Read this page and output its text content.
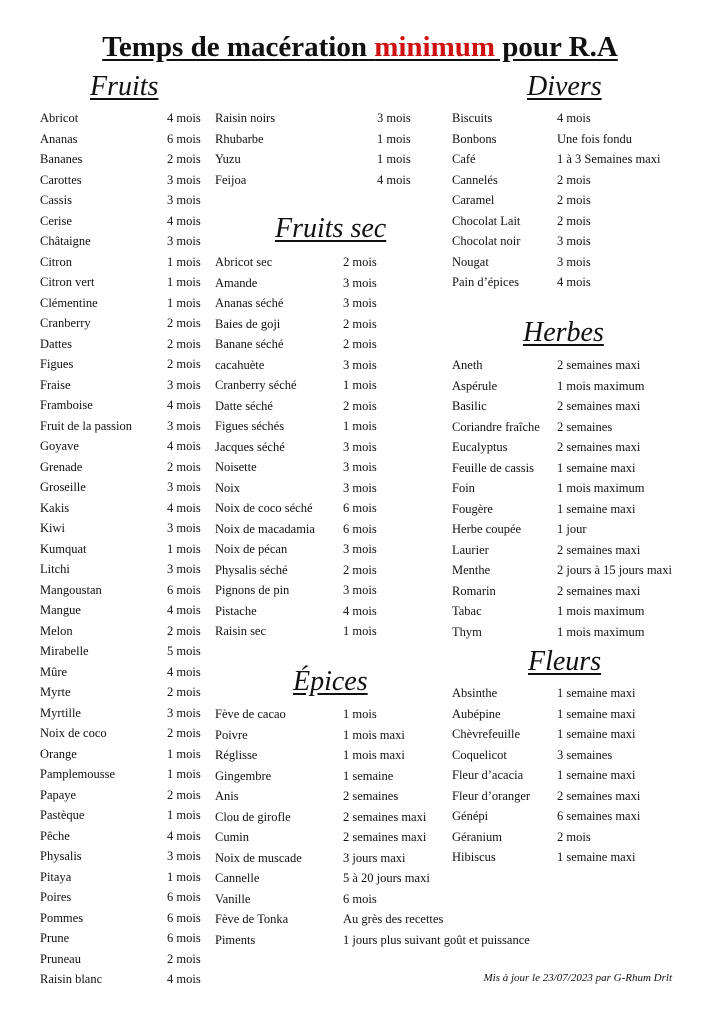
Temps de macération minimum pour R.A
Fruits
Fruits sec
Épices
Divers
Herbes
Fleurs
Abricot	4 mois
Ananas	6 mois
Bananes	2 mois
Carottes	3 mois
Cassis	3 mois
Cerise	4 mois
Châtaigne	3 mois
Citron	1 mois
Citron vert	1 mois
Clémentine	1 mois
Cranberry	2 mois
Dattes	2 mois
Figues	2 mois
Fraise	3 mois
Framboise	4 mois
Fruit de la passion	3 mois
Goyave	4 mois
Grenade	2 mois
Groseille	3 mois
Kakis	4 mois
Kiwi	3 mois
Kumquat	1 mois
Litchi	3 mois
Mangoustan	6 mois
Mangue	4 mois
Melon	2 mois
Mirabelle	5 mois
Mûre	4 mois
Myrte	2 mois
Myrtille	3 mois
Noix de coco	2 mois
Orange	1 mois
Pamplemousse	1 mois
Papaye	2 mois
Pastèque	1 mois
Pêche	4 mois
Physalis	3 mois
Pitaya	1 mois
Poires	6 mois
Pommes	6 mois
Prune	6 mois
Pruneau	2 mois
Raisin blanc	4 mois
Raisin noirs	3 mois
Rhubarbe	1 mois
Yuzu	1 mois
Feijoa	4 mois
Abricot sec	2 mois
Amande	3 mois
Ananas séché	3 mois
Baies de goji	2 mois
Banane séché	2 mois
cacahuète	3 mois
Cranberry séché	1 mois
Datte séché	2 mois
Figues séchés	1 mois
Jacques séché	3 mois
Noisette	3 mois
Noix	3 mois
Noix de coco séché 6 mois
Noix de macadamia 6 mois
Noix de pécan	3 mois
Physalis séché	2 mois
Pignons de pin	3 mois
Pistache	4 mois
Raisin sec	1 mois
Fève de cacao	1 mois
Poivre	1 mois maxi
Réglisse	1 mois maxi
Gingembre	1 semaine
Anis	2 semaines
Clou de girofle	2 semaines maxi
Cumin	2 semaines maxi
Noix de muscade	3 jours maxi
Cannelle	5 à 20 jours maxi
Vanille	6 mois
Fève de Tonka	Au grès des recettes
Piments	1 jours plus suivant goût et puissance
Biscuits	4 mois
Bonbons	Une fois fondu
Café	1 à 3 Semaines maxi
Cannelés	2 mois
Caramel	2 mois
Chocolat Lait	2 mois
Chocolat noir	3 mois
Nougat	3 mois
Pain d’épices	4 mois
Aneth	2 semaines maxi
Aspérule	1 mois maximum
Basilic	2 semaines maxi
Coriandre fraîche 2 semaines
Eucalyptus	2 semaines maxi
Feuille de cassis 1 semaine maxi
Foin	1 mois maximum
Fougère	1 semaine maxi
Herbe coupée	1 jour
Laurier	2 semaines maxi
Menthe	2 jours à 15 jours maxi
Romarin	2 semaines maxi
Tabac	1 mois maximum
Thym	1 mois maximum
Absinthe	1 semaine maxi
Aubépine	1 semaine maxi
Chèvrefeuille	1 semaine maxi
Coquelicot	3 semaines
Fleur d’acacia	1 semaine maxi
Fleur d’oranger 2 semaines maxi
Génépi	6 semaines maxi
Géranium	2 mois
Hibiscus	1 semaine maxi
Mis à jour le 23/07/2023 par G-Rhum Drlt
